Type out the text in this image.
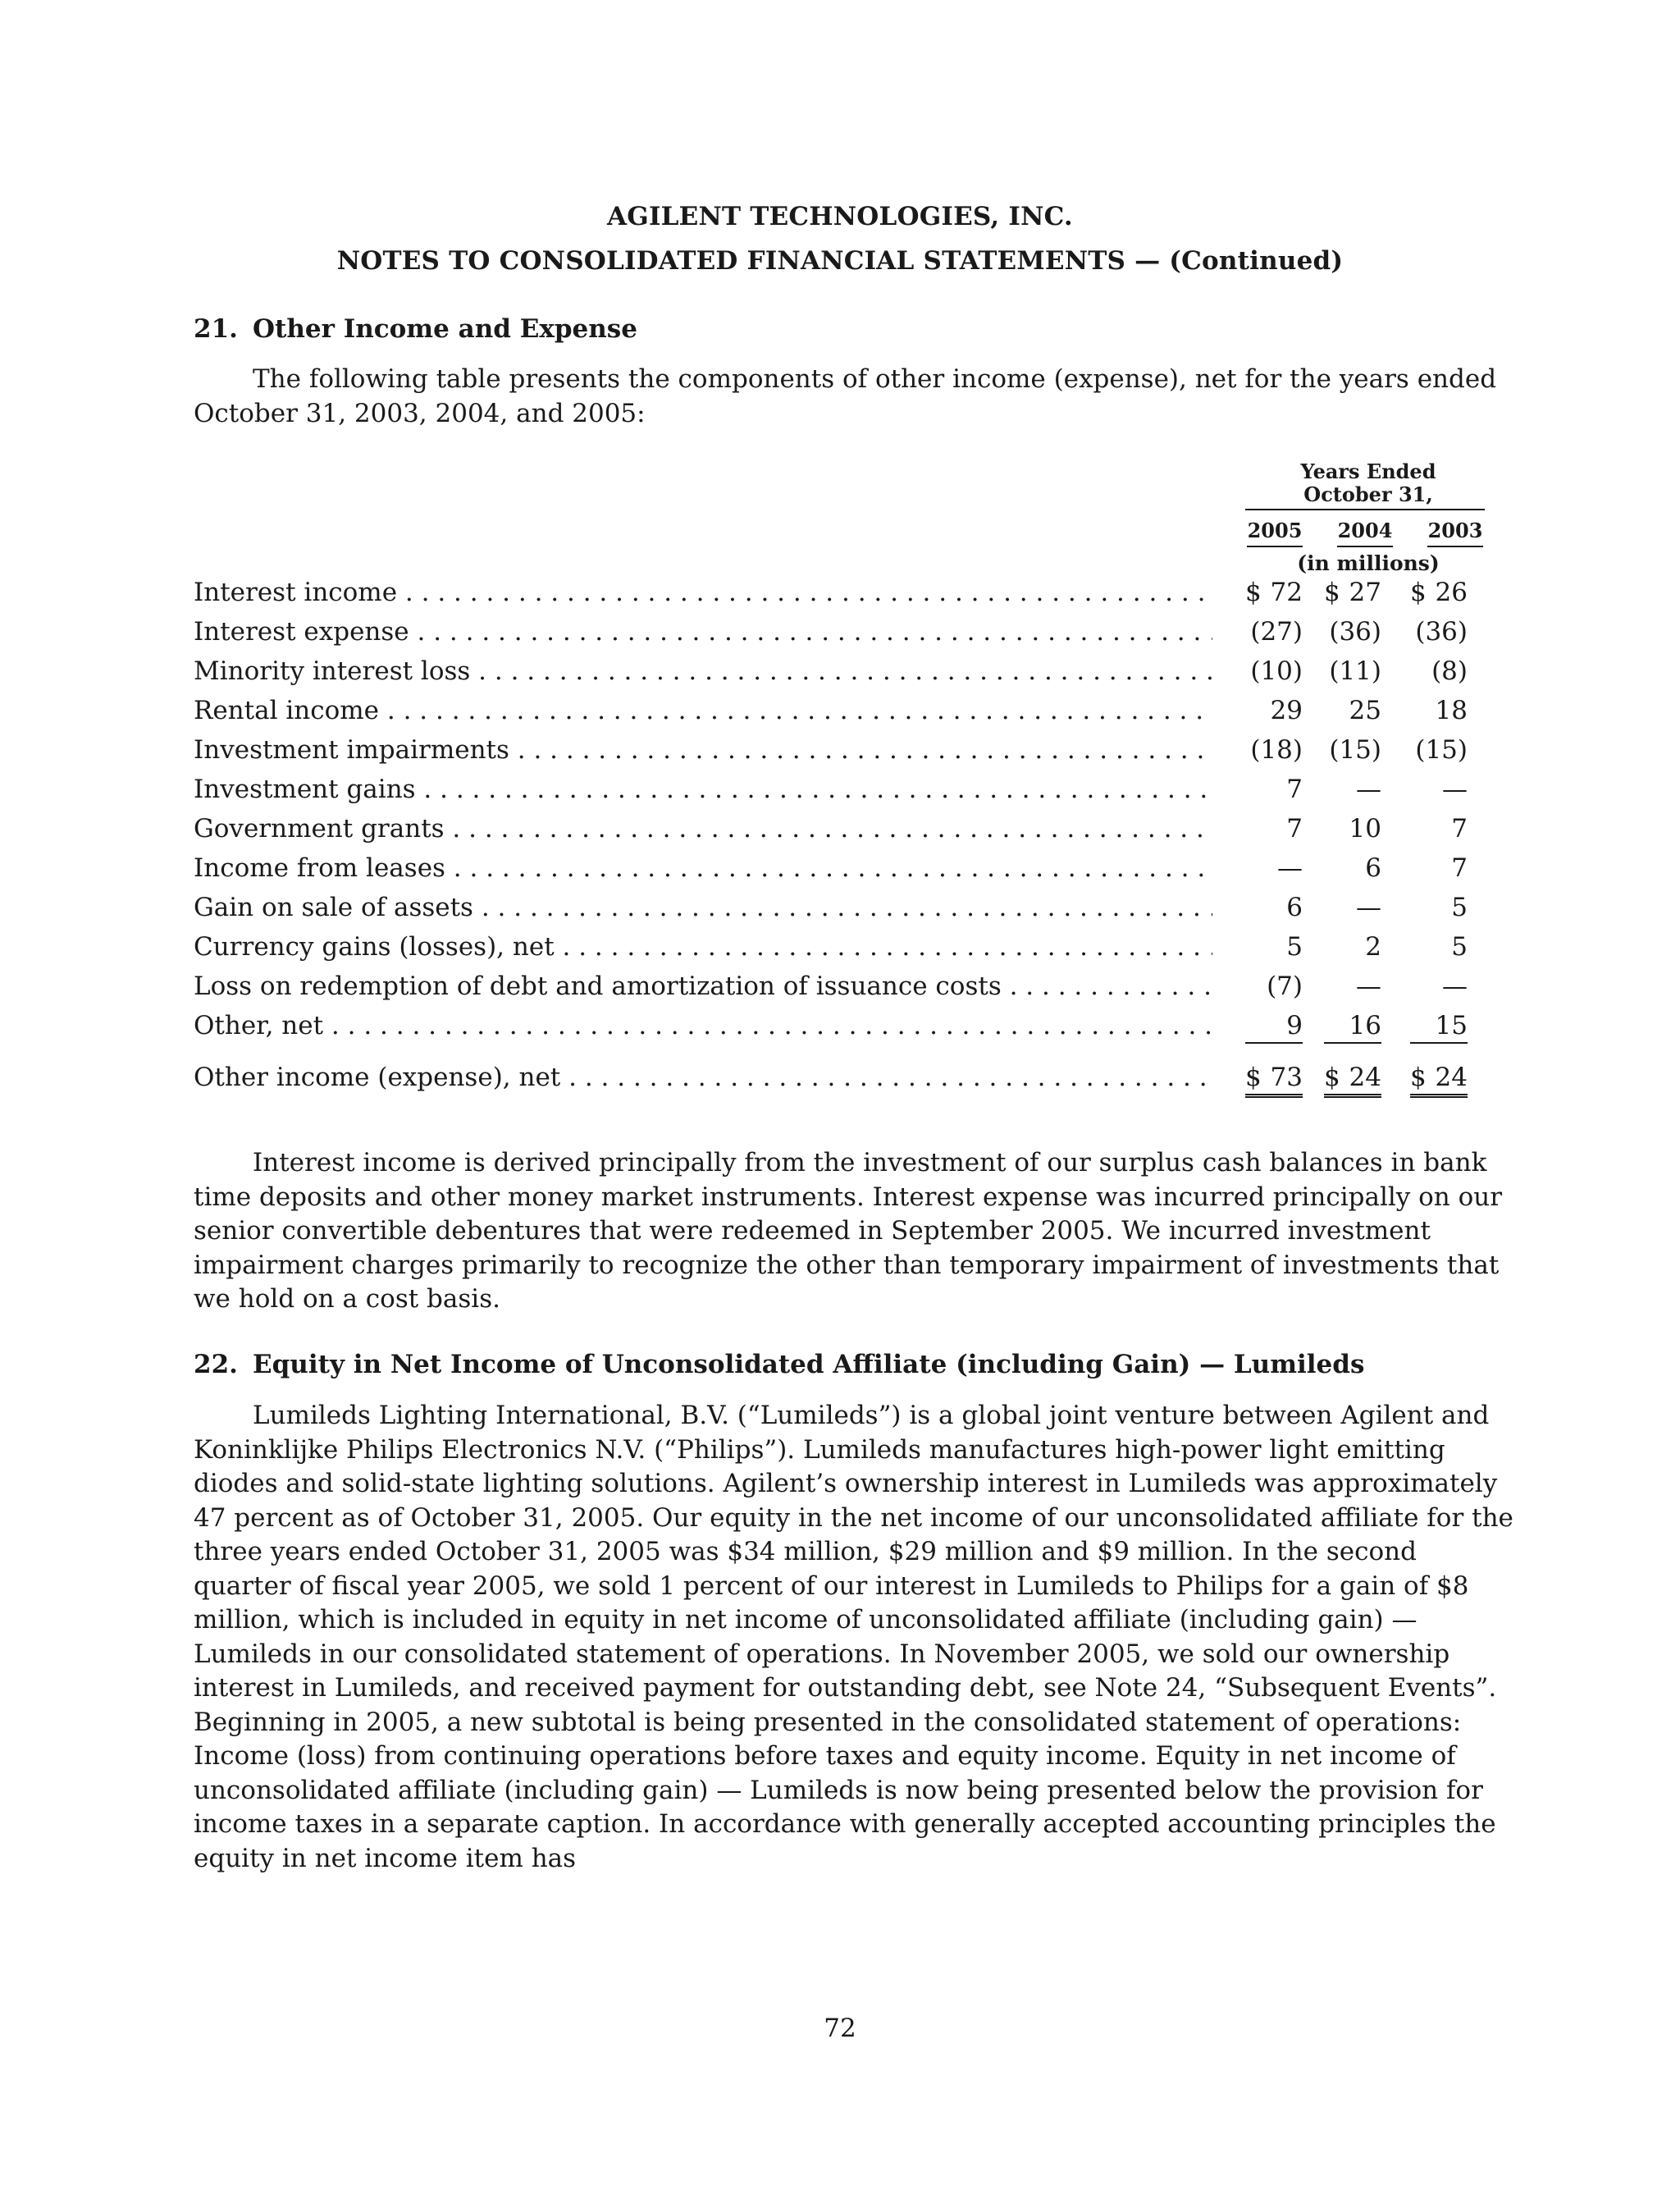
AGILENT TECHNOLOGIES, INC.
NOTES TO CONSOLIDATED FINANCIAL STATEMENTS — (Continued)
21. Other Income and Expense
The following table presents the components of other income (expense), net for the years ended October 31, 2003, 2004, and 2005:
Years Ended
October 31,
2005 2004 2003
(in millions)
Interest income . . .	$ 72 $ 27 $ 26
Interest expense . . .	(27) (36) (36)
Minority interest loss . . .	(10) (11)	(8)
Rental income . . .	29	25	18
Investment impairments . . .	(18) (15) (15)
Investment gains . . .	7	—	—
Government grants . . .	7	10	7
Income from leases . . .	—	6	7
Gain on sale of assets . . .	6	—	5
Currency gains (losses), net . . .	5	2	5
Loss on redemption of debt and amortization of issuance costs . . .	(7)	—	—
Other, net . . .	9	16	15
Other income (expense), net . . .	$ 73 $ 24 $ 24
Interest income is derived principally from the investment of our surplus cash balances in bank time deposits and other money market instruments. Interest expense was incurred principally on our senior convertible debentures that were redeemed in September 2005. We incurred investment impairment charges primarily to recognize the other than temporary impairment of investments that we hold on a cost basis.
22. Equity in Net Income of Unconsolidated Affiliate (including Gain) — Lumileds
Lumileds Lighting International, B.V. (“Lumileds”) is a global joint venture between Agilent and Koninklijke Philips Electronics N.V. (“Philips”). Lumileds manufactures high-power light emitting diodes and solid-state lighting solutions. Agilent’s ownership interest in Lumileds was approximately 47 percent as of October 31, 2005. Our equity in the net income of our unconsolidated affiliate for the three years ended October 31, 2005 was $34 million, $29 million and $9 million. In the second quarter of fiscal year 2005, we sold 1 percent of our interest in Lumileds to Philips for a gain of $8 million, which is included in equity in net income of unconsolidated affiliate (including gain) — Lumileds in our consolidated statement of operations. In November 2005, we sold our ownership interest in Lumileds, and received payment for outstanding debt, see Note 24, “Subsequent Events”. Beginning in 2005, a new subtotal is being presented in the consolidated statement of operations: Income (loss) from continuing operations before taxes and equity income. Equity in net income of unconsolidated affiliate (including gain) — Lumileds is now being presented below the provision for income taxes in a separate caption. In accordance with generally accepted accounting principles the equity in net income item has
72
